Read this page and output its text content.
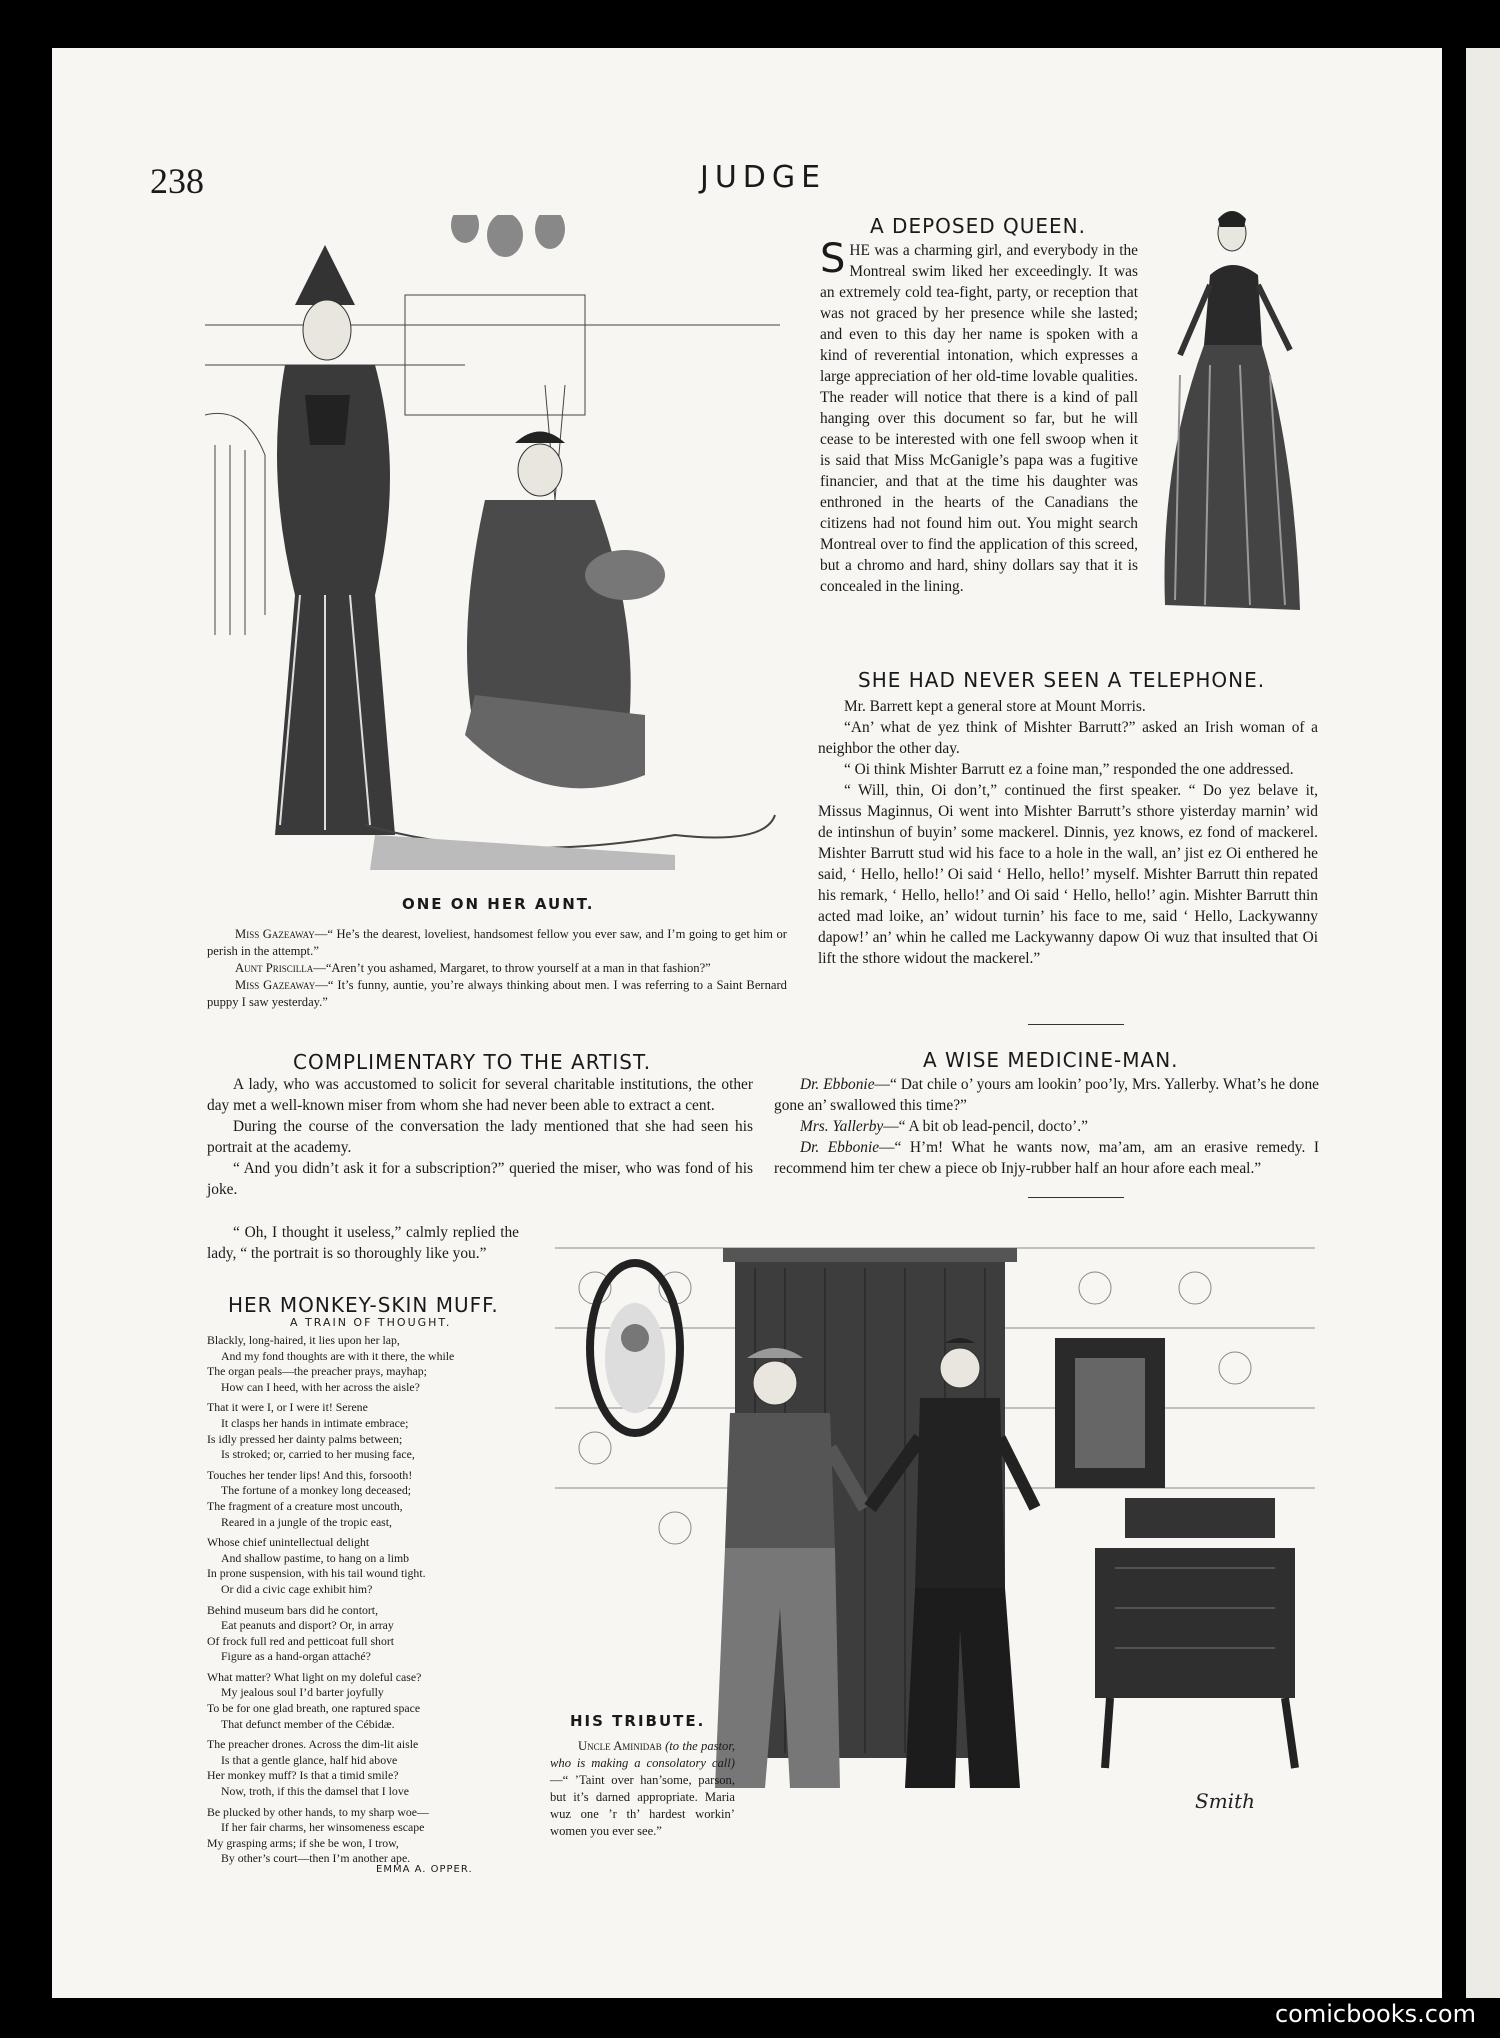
238	JUDGE
ONE ON HER AUNT.

Miss Gazeaway—“ He’s the dearest, loveliest, handsomest fellow you ever saw, and I’m going to get him or perish in the attempt.”

Aunt Priscilla—“Aren’t you ashamed, Margaret, to throw yourself at a man in that fashion?”

Miss Gazeaway—“ It’s funny, auntie, you’re always thinking about men. I was referring to a Saint Bernard puppy I saw yesterday.”

A DEPOSED QUEEN.
SHE was a charming girl, and everybody in the Montreal swim liked her exceedingly. It was an extremely cold tea-fight, party, or reception that was not graced by her presence while she lasted; and even to this day her name is spoken with a kind of reverential intonation, which expresses a large appreciation of her old-time lovable qualities. The reader will notice that there is a kind of pall hanging over this document so far, but he will cease to be interested with one fell swoop when it is said that Miss McGanigle’s papa was a fugitive financier, and that at the time his daughter was enthroned in the hearts of the Canadians the citizens had not found him out. You might search Montreal over to find the application of this screed, but a chromo and hard, shiny dollars say that it is concealed in the lining.
SHE HAD NEVER SEEN A TELEPHONE.

Mr. Barrett kept a general store at Mount Morris.

“An’ what de yez think of Mishter Barrutt?” asked an Irish woman of a neighbor the other day.

“ Oi think Mishter Barrutt ez a foine man,” responded the one addressed.

“ Will, thin, Oi don’t,” continued the first speaker. “ Do yez belave it, Missus Maginnus, Oi went into Mishter Barrutt’s sthore yisterday marnin’ wid de intinshun of buyin’ some mackerel. Dinnis, yez knows, ez fond of mackerel. Mishter Barrutt stud wid his face to a hole in the wall, an’ jist ez Oi enthered he said, ‘ Hello, hello!’ Oi said ‘ Hello, hello!’ myself. Mishter Barrutt thin repated his remark, ‘ Hello, hello!’ and Oi said ‘ Hello, hello!’ agin. Mishter Barrutt thin acted mad loike, an’ widout turnin’ his face to me, said ‘ Hello, Lackywanny dapow!’ an’ whin he called me Lackywanny dapow Oi wuz that insulted that Oi lift the sthore widout the mackerel.”

COMPLIMENTARY TO THE ARTIST.

A lady, who was accustomed to solicit for several charitable institutions, the other day met a well-known miser from whom she had never been able to extract a cent.

During the course of the conversation the lady mentioned that she had seen his portrait at the academy.

“ And you didn’t ask it for a subscription?” queried the miser, who was fond of his joke.

“ Oh, I thought it useless,” calmly replied the lady, “ the portrait is so thoroughly like you.”

A WISE MEDICINE-MAN.

Dr. Ebbonie—“ Dat chile o’ yours am lookin’ poo’ly, Mrs. Yallerby. What’s he done gone an’ swallowed this time?”

Mrs. Yallerby—“ A bit ob lead-pencil, docto’.”

Dr. Ebbonie—“ H’m! What he wants now, ma’am, am an erasive remedy. I recommend him ter chew a piece ob Injy-rubber half an hour afore each meal.”

HER MONKEY-SKIN MUFF.
A TRAIN OF THOUGHT.
Blackly, long-haired, it lies upon her lap,
And my fond thoughts are with it there, the while
The organ peals—the preacher prays, mayhap;
How can I heed, with her across the aisle?
That it were I, or I were it! Serene
It clasps her hands in intimate embrace;
Is idly pressed her dainty palms between;
Is stroked; or, carried to her musing face,
Touches her tender lips! And this, forsooth!
The fortune of a monkey long deceased;
The fragment of a creature most uncouth,
Reared in a jungle of the tropic east,
Whose chief unintellectual delight
And shallow pastime, to hang on a limb
In prone suspension, with his tail wound tight.
Or did a civic cage exhibit him?
Behind museum bars did he contort,
Eat peanuts and disport? Or, in array
Of frock full red and petticoat full short
Figure as a hand-organ attaché?
What matter? What light on my doleful case?
My jealous soul I’d barter joyfully
To be for one glad breath, one raptured space
That defunct member of the Cébidæ.
The preacher drones. Across the dim-lit aisle
Is that a gentle glance, half hid above
Her monkey muff? Is that a timid smile?
Now, troth, if this the damsel that I love
Be plucked by other hands, to my sharp woe—
If her fair charms, her winsomeness escape
My grasping arms; if she be won, I trow,
By other’s court—then I’m another ape.
EMMA A. OPPER.
Smith
HIS TRIBUTE.

Uncle Aminidab (to the pastor, who is making a consolatory call)—“ ’Taint over han’some, parson, but it’s darned appropriate. Maria wuz one ’r th’ hardest workin’ women you ever see.”

comicbooks.com
